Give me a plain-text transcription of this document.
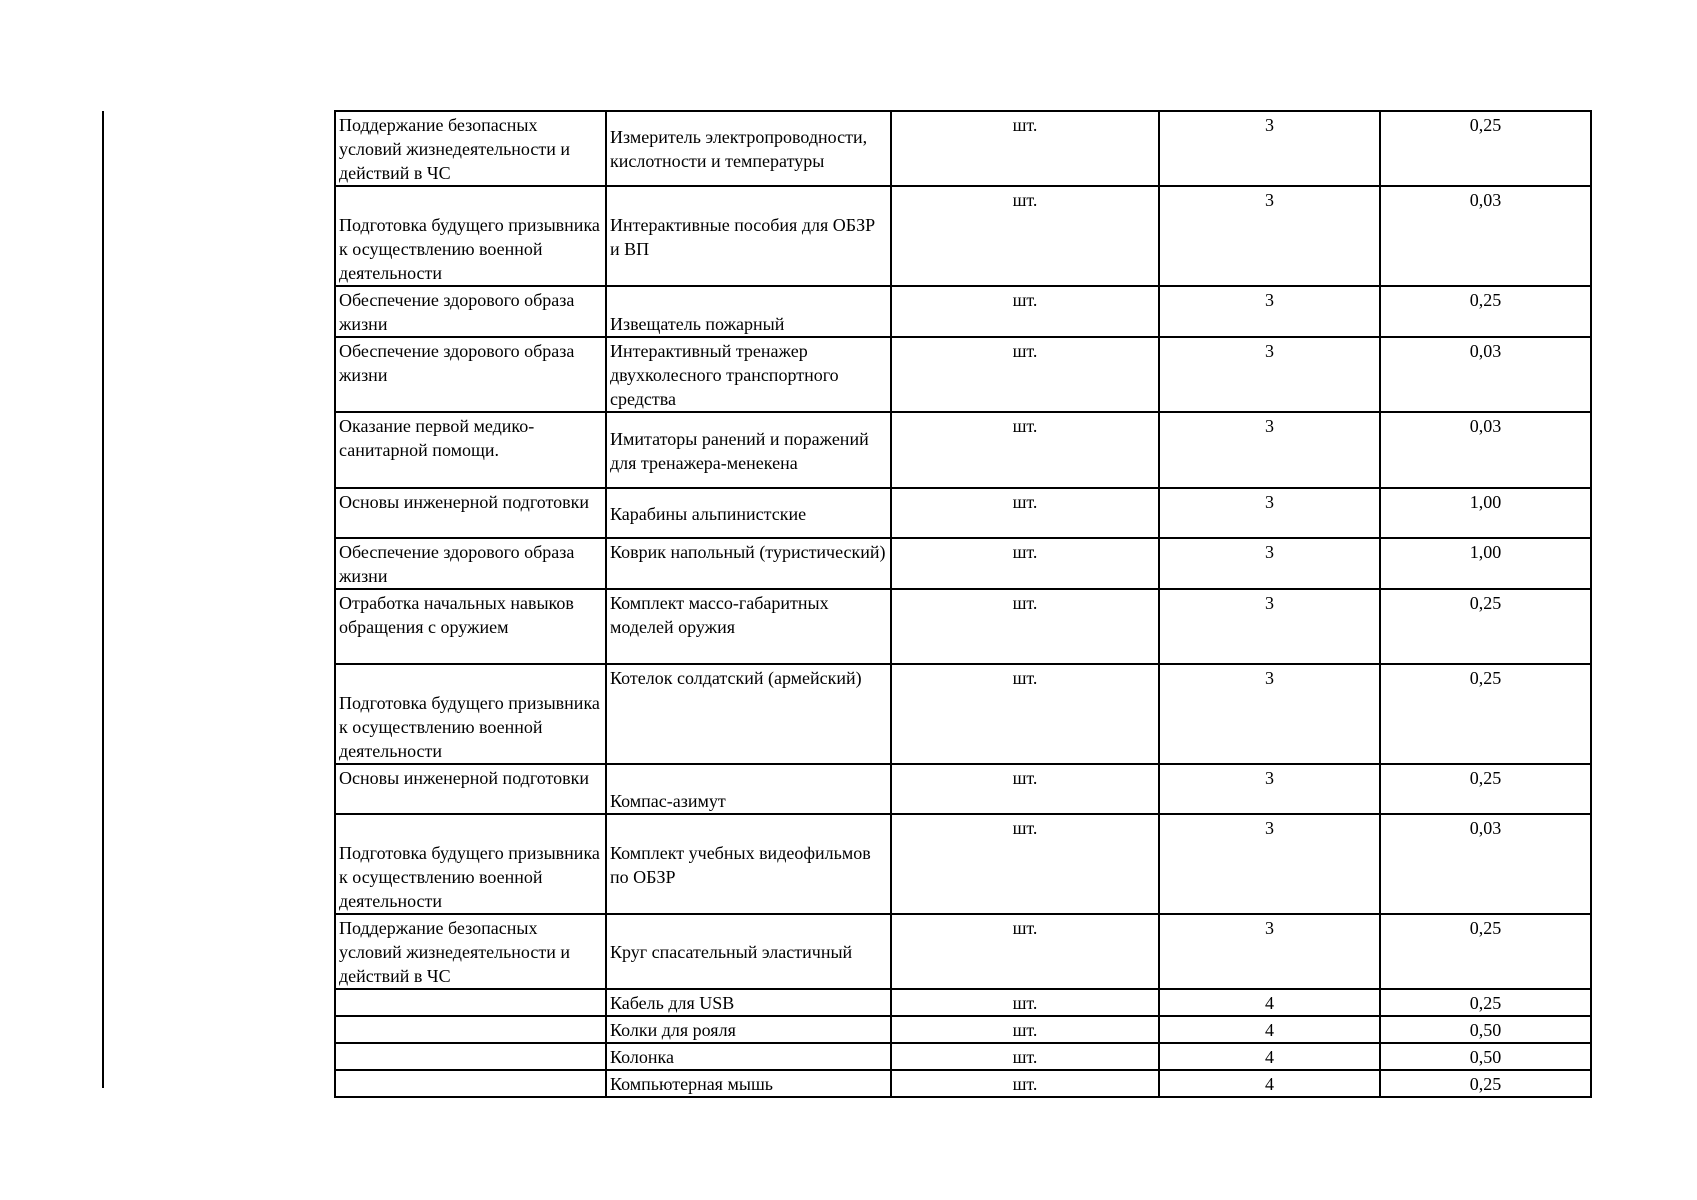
Поддержание безопасных условий жизнедеятельности и действий в ЧС	Измеритель электропроводности, кислотности и температуры	шт.	3	0,25
Подготовка будущего призывника к осуществлению военной деятельности	Интерактивные пособия для ОБЗР и ВП	шт.	3	0,03
Обеспечение здорового образа жизни	Извещатель пожарный	шт.	3	0,25
Обеспечение здорового образа жизни	Интерактивный тренажер двухколесного транспортного средства	шт.	3	0,03
Оказание первой медико-санитарной помощи.	Имитаторы ранений и поражений для тренажера-менекена	шт.	3	0,03
Основы инженерной подготовки	Карабины альпинистские	шт.	3	1,00
Обеспечение здорового образа жизни	Коврик напольный (туристический)	шт.	3	1,00
Отработка начальных навыков обращения с оружием	Комплект массо-габаритных моделей оружия	шт.	3	0,25
Подготовка будущего призывника к осуществлению военной деятельности	Котелок солдатский (армейский)	шт.	3	0,25
Основы инженерной подготовки	Компас-азимут	шт.	3	0,25
Подготовка будущего призывника к осуществлению военной деятельности	Комплект учебных видеофильмов по ОБЗР	шт.	3	0,03
Поддержание безопасных условий жизнедеятельности и действий в ЧС	Круг спасательный эластичный	шт.	3	0,25
	Кабель для USB	шт.	4	0,25
	Колки для рояля	шт.	4	0,50
	Колонка	шт.	4	0,50
	Компьютерная мышь	шт.	4	0,25
